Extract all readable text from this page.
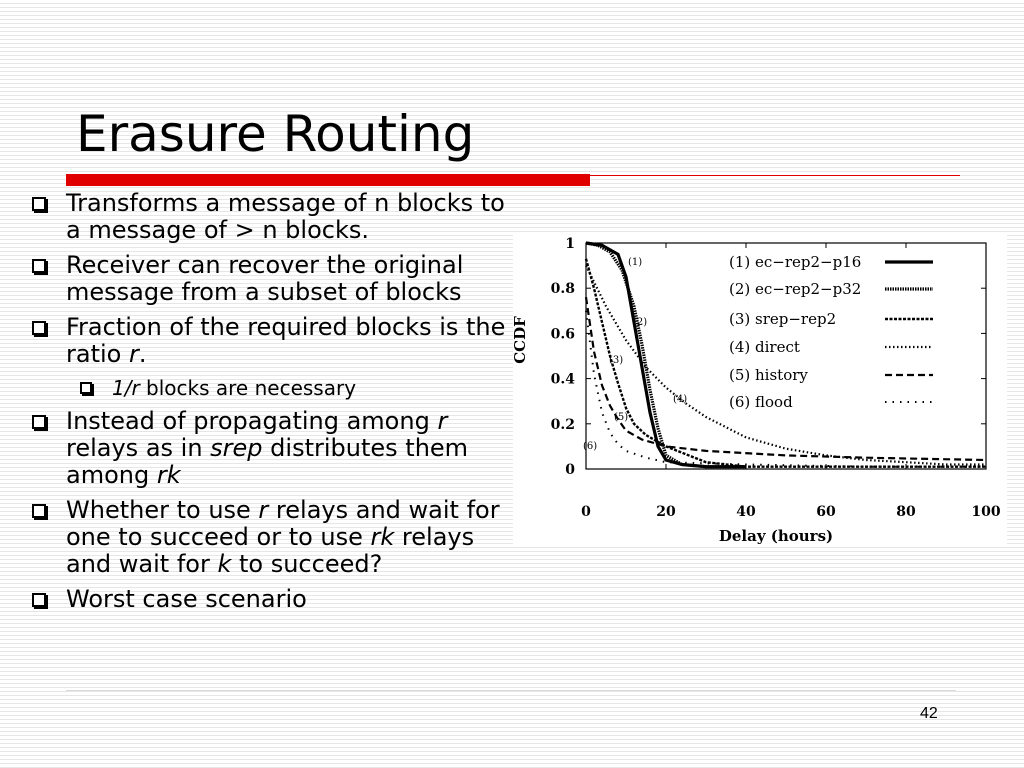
Erasure Routing
Transforms a message of n blocks to a message of > n blocks.
Receiver can recover the original message from a subset of blocks
Fraction of the required blocks is the ratio r.
1/r blocks are necessary
Instead of propagating among r relays as in srep distributes them among rk
Whether to use r relays and wait for one to succeed or to use rk relays and wait for k to succeed?
Worst case scenario
0
0.2
0.4
0.6
0.8
1
0	20	40	60	80	100
Delay (hours)
CCDF
(1)	(1) ec−rep2−p16
(2)
(2) ec−rep2−p32
(3)
(3) srep−rep2
(4)
(4) direct
(5)
(5) history
(6)
(6) flood
42
